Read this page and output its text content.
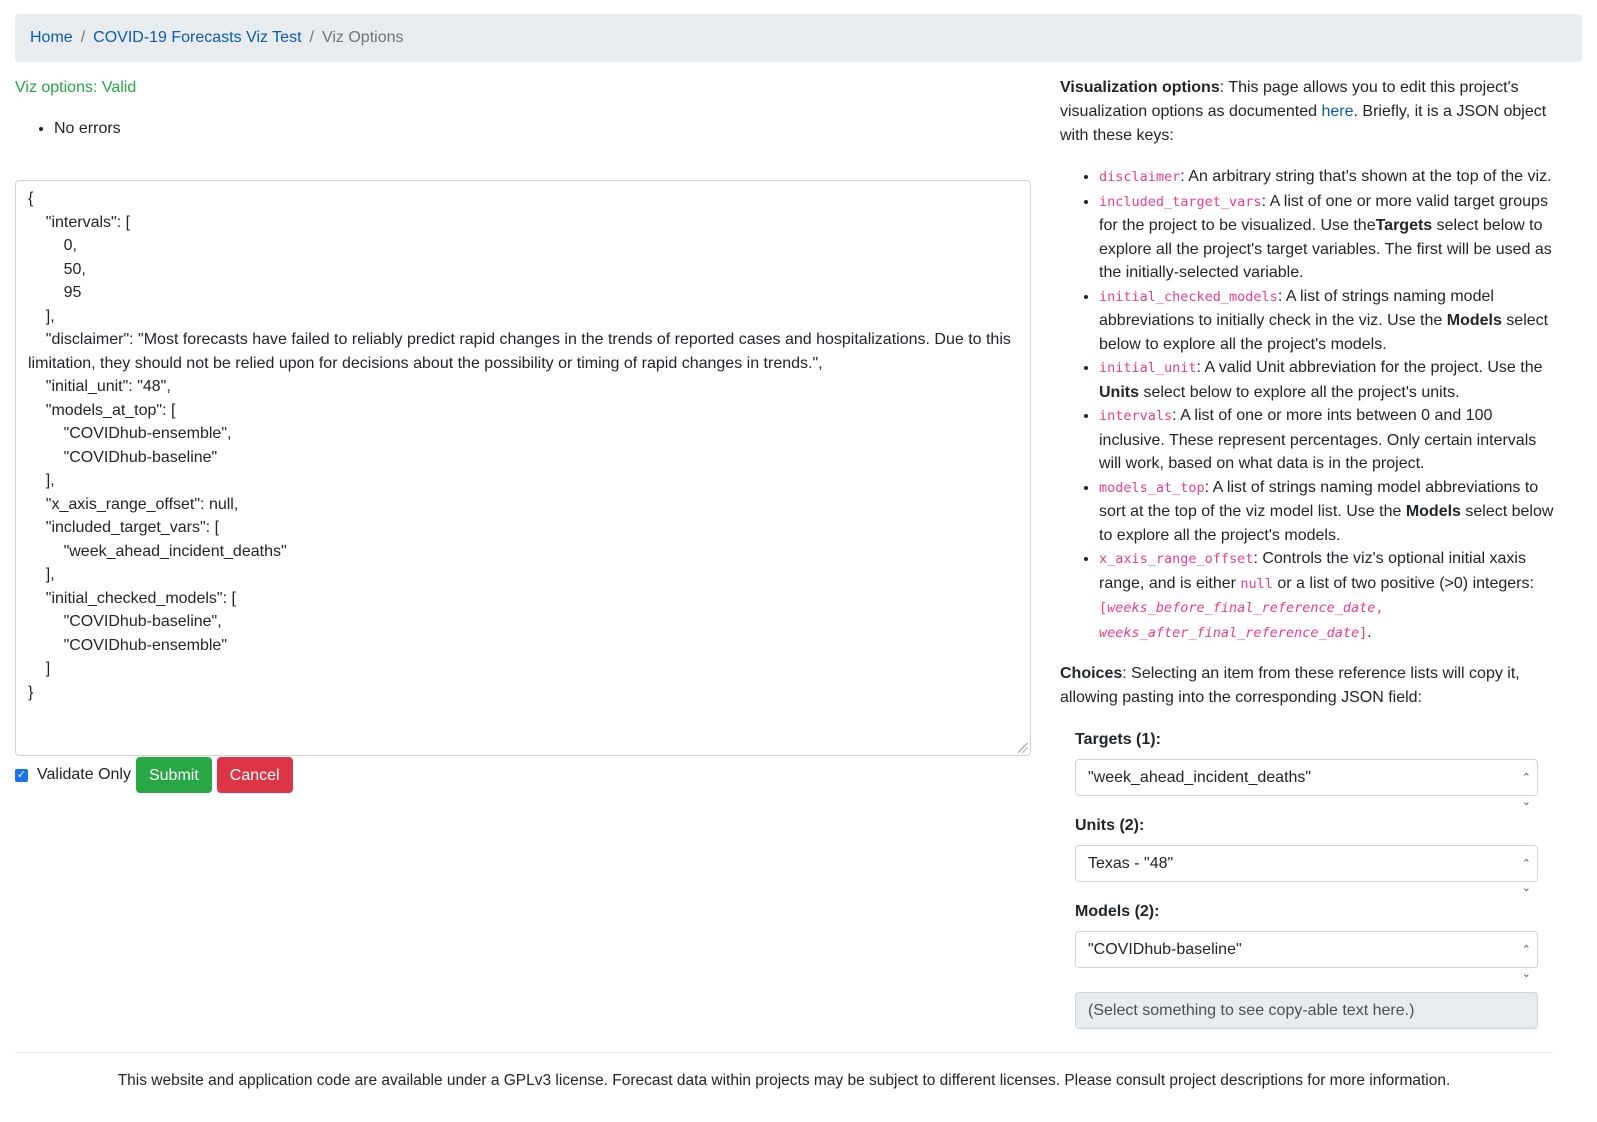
Home / COVID-19 Forecasts Viz Test / Viz Options

Viz options: Valid

• No errors
{
"intervals": [
0,
50,
95
],
"disclaimer": "Most forecasts have failed to reliably predict rapid changes in the trends of reported cases and hospitalizations. Due to this limitation, they should not be relied upon for decisions about the possibility or timing of rapid changes in trends.",
"initial_unit": "48",
"models_at_top": [
"COVIDhub-ensemble",
"COVIDhub-baseline"
],
"x_axis_range_offset": null,
"included_target_vars": [
"week_ahead_incident_deaths"
],
"initial_checked_models": [
"COVIDhub-baseline",
"COVIDhub-ensemble"
]
}
✓ Validate Only	Submit	Cancel

Visualization options: This page allows you to edit this project's visualization options as documented here. Briefly, it is a JSON object with these keys:

• disclaimer: An arbitrary string that's shown at the top of the viz.
• included_target_vars: A list of one or more valid target groups for the project to be visualized. Use theTargets select below to explore all the project's target variables. The first will be used as the initially-selected variable.
• initial_checked_models: A list of strings naming model abbreviations to initially check in the viz. Use the Models select below to explore all the project's models.
• initial_unit: A valid Unit abbreviation for the project. Use the Units select below to explore all the project's units.
• intervals: A list of one or more ints between 0 and 100 inclusive. These represent percentages. Only certain intervals will work, based on what data is in the project.
• models_at_top: A list of strings naming model abbreviations to sort at the top of the viz model list. Use the Models select below to explore all the project's models.
• x_axis_range_offset: Controls the viz's optional initial xaxis range, and is either null or a list of two positive (>0) integers: [weeks_before_final_reference_date, weeks_after_final_reference_date].

Choices: Selecting an item from these reference lists will copy it, allowing pasting into the corresponding JSON field:

Targets (1):
"week_ahead_incident_deaths"	⌃
⌄
Units (2):
Texas - "48"	⌃
⌄
Models (2):
"COVIDhub-baseline"	⌃
⌄
(Select something to see copy-able text here.)
This website and application code are available under a GPLv3 license. Forecast data within projects may be subject to different licenses. Please consult project descriptions for more information.
